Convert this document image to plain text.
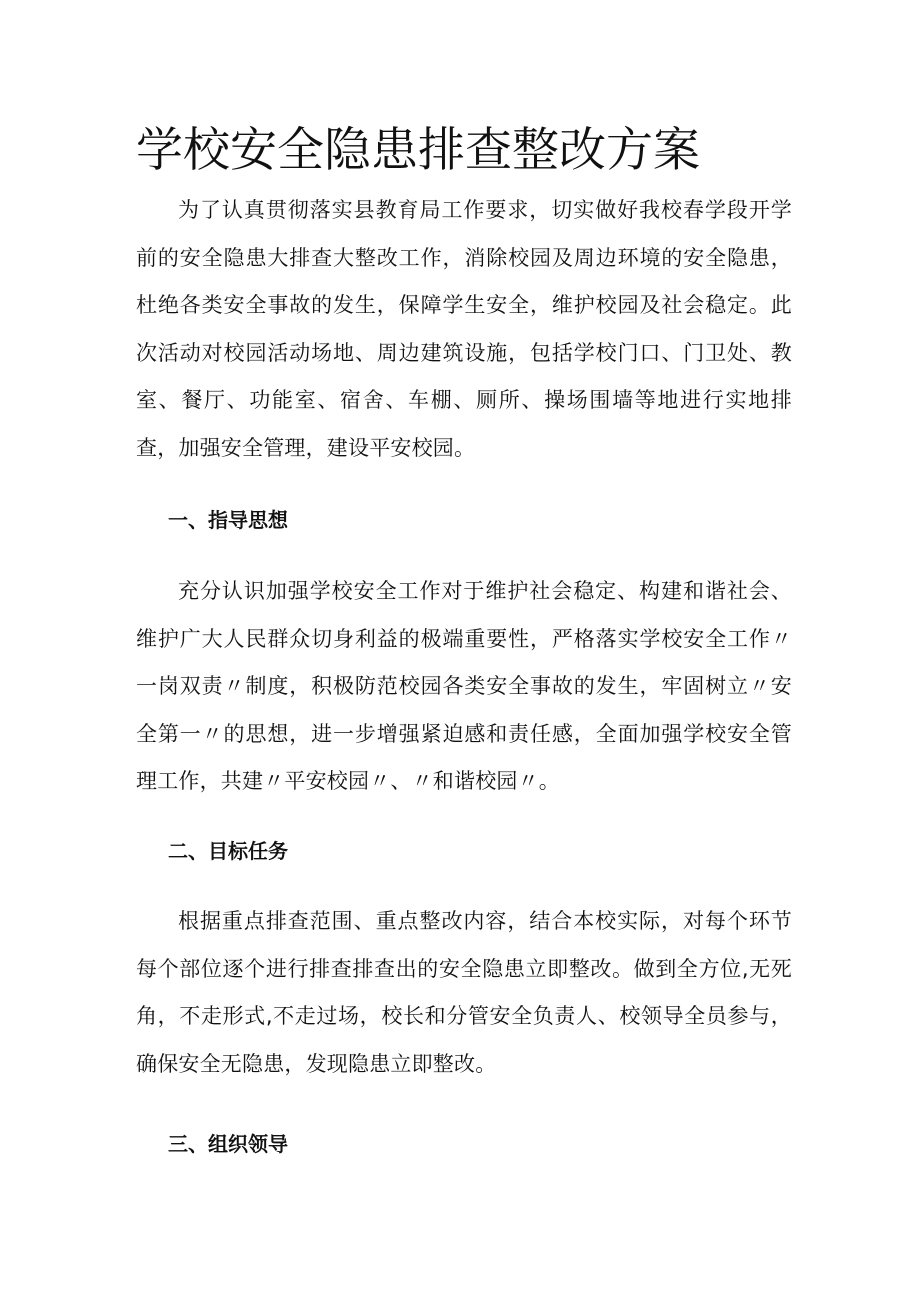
学校安全隐患排查整改方案

为了认真贯彻落实县教育局工作要求，切实做好我校春学段开学前的安全隐患大排查大整改工作，消除校园及周边环境的安全隐患，杜绝各类安全事故的发生，保障学生安全，维护校园及社会稳定。此次活动对校园活动场地、周边建筑设施，包括学校门口、门卫处、教室、餐厅、功能室、宿舍、车棚、厕所、操场围墙等地进行实地排查，加强安全管理，建设平安校园。

一、指导思想

充分认识加强学校安全工作对于维护社会稳定、构建和谐社会、维护广大人民群众切身利益的极端重要性，严格落实学校安全工作〃一岗双责〃制度，积极防范校园各类安全事故的发生，牢固树立〃安全第一〃的思想，进一步增强紧迫感和责任感，全面加强学校安全管理工作，共建〃平安校园〃、〃和谐校园〃。

二、目标任务

根据重点排查范围、重点整改内容，结合本校实际，对每个环节每个部位逐个进行排查排查出的安全隐患立即整改。做到全方位,无死角，不走形式,不走过场，校长和分管安全负责人、校领导全员参与，确保安全无隐患，发现隐患立即整改。

三、组织领导
